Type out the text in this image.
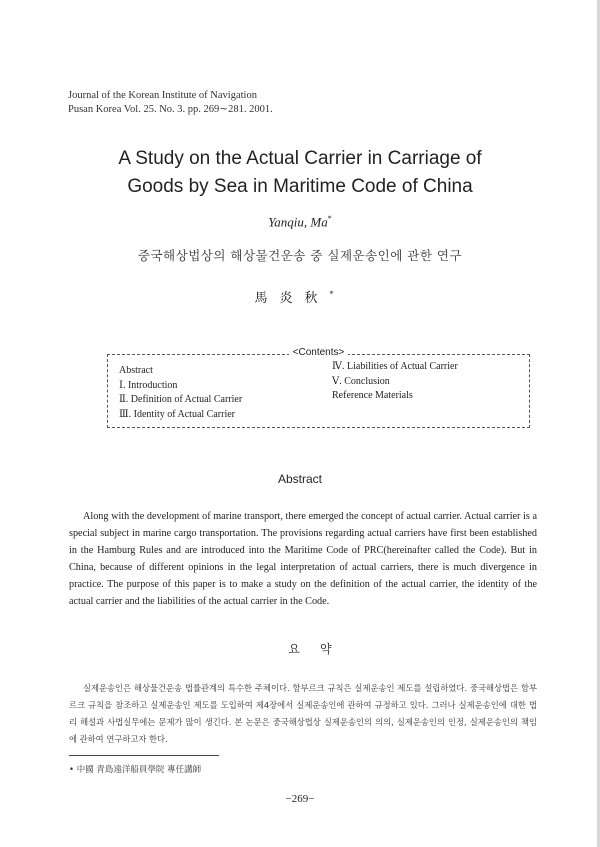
Journal of the Korean Institute of Navigation
Pusan Korea Vol. 25. No. 3. pp. 269∼281. 2001.
A Study on the Actual Carrier in Carriage of
Goods by Sea in Maritime Code of China
Yanqiu, Ma*
중국해상법상의 해상물건운송 중 실제운송인에 관한 연구
馬炎秋*
<Contents>
Abstract
Ⅰ. Introduction
Ⅱ. Definition of Actual Carrier
Ⅲ. Identity of Actual Carrier
Ⅳ. Liabilities of Actual Carrier
Ⅴ. Conclusion
Reference Materials
Abstract

Along with the development of marine transport, there emerged the concept of actual carrier. Actual carrier is a special subject in marine cargo transportation. The provisions regarding actual carriers have first been established in the Hamburg Rules and are introduced into the Maritime Code of PRC(hereinafter called the Code). But in China, because of different opinions in the legal interpretation of actual carriers, there is much divergence in practice. The purpose of this paper is to make a study on the definition of the actual carrier, the identity of the actual carrier and the liabilities of the actual carrier in the Code.

요약

실제운송인은 해상물건운송 법률관계의 특수한 주체이다. 함부르크 규칙은 실제운송인 제도를 설립하였다. 중국해상법은 함부르크 규칙을 참조하고 실제운송인 제도를 도입하여 제4장에서 실제운송인에 관하여 규정하고 있다. 그러나 실제운송인에 대한 법리 해설과 사법실무에는 문제가 많이 생긴다. 본 논문은 중국해상법상 실제운송인의 의의, 실제운송인의 인정, 실제운송인의 책임에 관하여 연구하고자 한다.

• 中國 青島遠洋船員學院 專任講師
−269−
